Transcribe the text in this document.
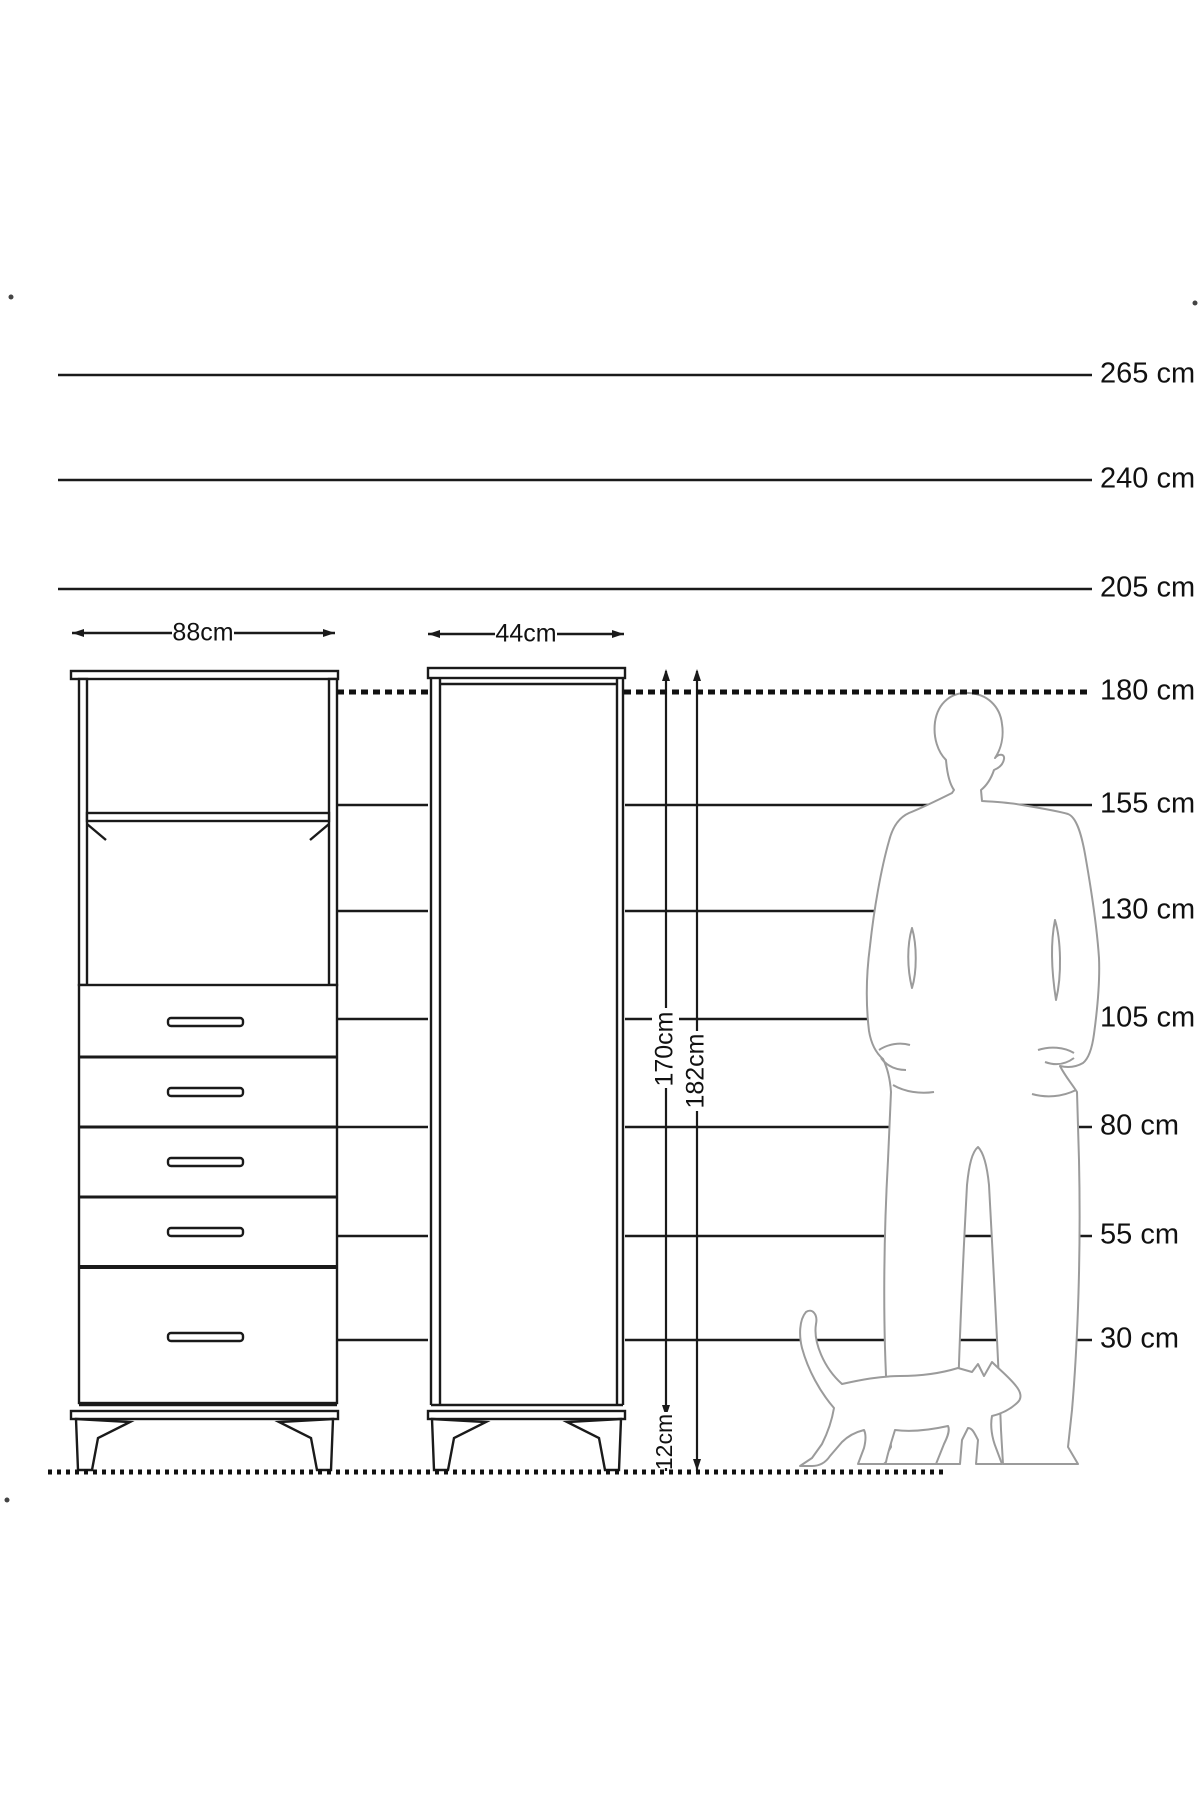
265 cm
240 cm
205 cm
180 cm
155 cm
130 cm
105 cm
80 cm
55 cm
30 cm
88cm	44cm
170cm 182cm
12cm
